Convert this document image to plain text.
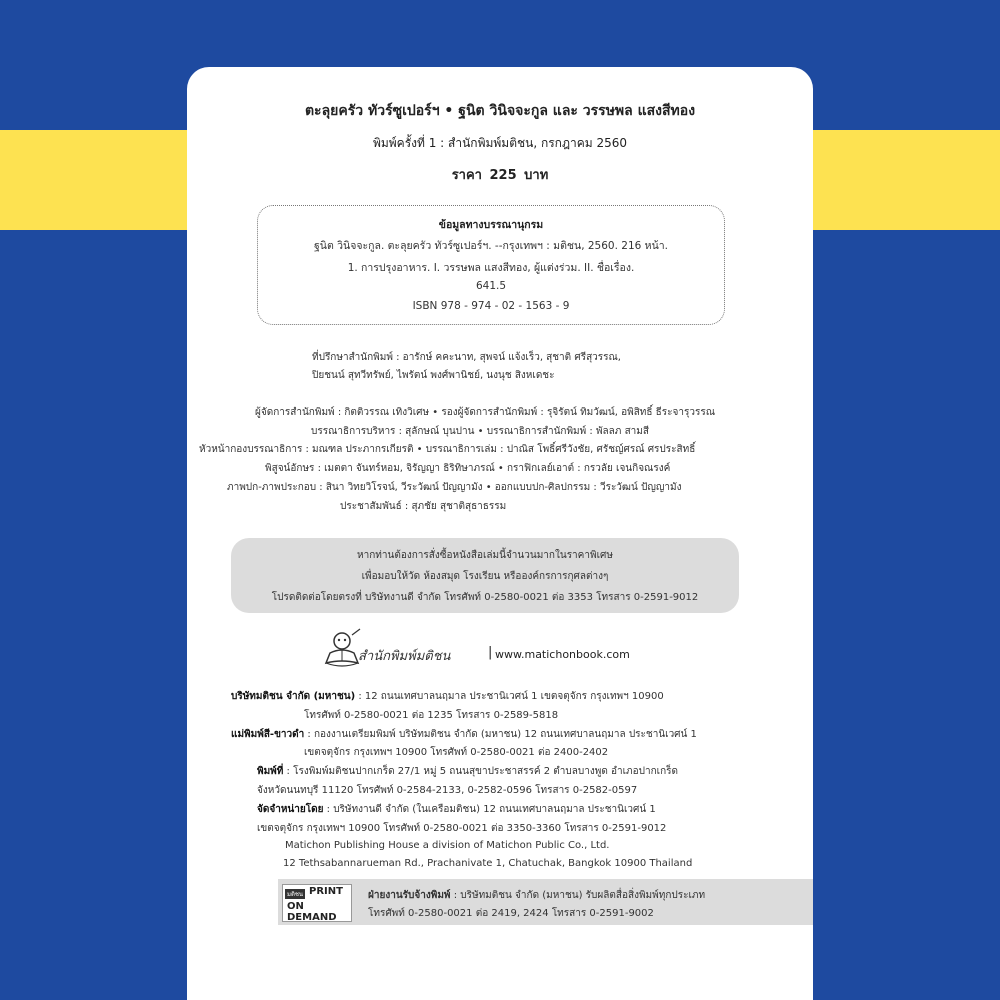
ตะลุยครัว ทัวร์ซูเปอร์ฯ • ฐนิต วินิจจะกูล และ วรรษพล แสงสีทอง
พิมพ์ครั้งที่ 1 : สำนักพิมพ์มติชน, กรกฎาคม 2560
ราคา 225 บาท
ข้อมูลทางบรรณานุกรม
ฐนิต วินิจจะกูล. ตะลุยครัว ทัวร์ซูเปอร์ฯ. --กรุงเทพฯ : มติชน, 2560. 216 หน้า.
1. การปรุงอาหาร. I. วรรษพล แสงสีทอง, ผู้แต่งร่วม. II. ชื่อเรื่อง.
641.5
ISBN 978 - 974 - 02 - 1563 - 9
ที่ปรึกษาสำนักพิมพ์ : อารักษ์ คคะนาท, สุพจน์ แจ้งเร็ว, สุชาติ ศรีสุวรรณ,
ปิยชนน์ สุทวีทรัพย์, ไพรัตน์ พงศ์พานิชย์, นงนุช สิงหเดชะ
ผู้จัดการสำนักพิมพ์ : กิตติวรรณ เทิงวิเศษ • รองผู้จัดการสำนักพิมพ์ : รุจิรัตน์ ทิมวัฒน์, อพิสิทธิ์ ธีระจารุวรรณ
บรรณาธิการบริหาร : สุลักษณ์ บุนปาน • บรรณาธิการสำนักพิมพ์ : พัลลภ สามสี
หัวหน้ากองบรรณาธิการ : มณฑล ประภากรเกียรติ • บรรณาธิการเล่ม : ปาณิส โพธิ์ศรีวังชัย, ศรัชญ์ศรณ์ ศรประสิทธิ์
พิสูจน์อักษร : เมตตา จันทร์หอม, จิรัญญา ธิริทิษาภรณ์ • กราฟิกเลย์เอาต์ : กรวลัย เจนกิจณรงค์
ภาพปก-ภาพประกอบ : สินา วิทยวิโรจน์, วีระวัฒน์ ปัญญามัง • ออกแบบปก-ศิลปกรรม : วีระวัฒน์ ปัญญามัง
ประชาสัมพันธ์ : สุภชัย สุชาติสุธาธรรม
หากท่านต้องการสั่งซื้อหนังสือเล่มนี้จำนวนมากในราคาพิเศษ
เพื่อมอบให้วัด ห้องสมุด โรงเรียน หรือองค์กรการกุศลต่างๆ
โปรดติดต่อโดยตรงที่ บริษัทงานดี จำกัด โทรศัพท์ 0-2580-0021 ต่อ 3353 โทรสาร 0-2591-9012
สำนักพิมพ์มติชน	| www.matichonbook.com
บริษัทมติชน จำกัด (มหาชน) : 12 ถนนเทศบาลนฤมาล ประชานิเวศน์ 1 เขตจตุจักร กรุงเทพฯ 10900
โทรศัพท์ 0-2580-0021 ต่อ 1235 โทรสาร 0-2589-5818
แม่พิมพ์สี-ขาวดำ : กองงานเตรียมพิมพ์ บริษัทมติชน จำกัด (มหาชน) 12 ถนนเทศบาลนฤมาล ประชานิเวศน์ 1
เขตจตุจักร กรุงเทพฯ 10900 โทรศัพท์ 0-2580-0021 ต่อ 2400-2402
พิมพ์ที่ : โรงพิมพ์มติชนปากเกร็ด 27/1 หมู่ 5 ถนนสุขาประชาสรรค์ 2 ตำบลบางพูด อำเภอปากเกร็ด
จังหวัดนนทบุรี 11120 โทรศัพท์ 0-2584-2133, 0-2582-0596 โทรสาร 0-2582-0597
จัดจำหน่ายโดย : บริษัทงานดี จำกัด (ในเครือมติชน) 12 ถนนเทศบาลนฤมาล ประชานิเวศน์ 1
เขตจตุจักร กรุงเทพฯ 10900 โทรศัพท์ 0-2580-0021 ต่อ 3350-3360 โทรสาร 0-2591-9012
Matichon Publishing House a division of Matichon Public Co., Ltd.
12 Tethsabannarueman Rd., Prachanivate 1, Chatuchak, Bangkok 10900 Thailand
มติชน PRINT
ON DEMAND
ฝ่ายงานรับจ้างพิมพ์ : บริษัทมติชน จำกัด (มหาชน) รับผลิตสื่อสิ่งพิมพ์ทุกประเภท
โทรศัพท์ 0-2580-0021 ต่อ 2419, 2424 โทรสาร 0-2591-9002
